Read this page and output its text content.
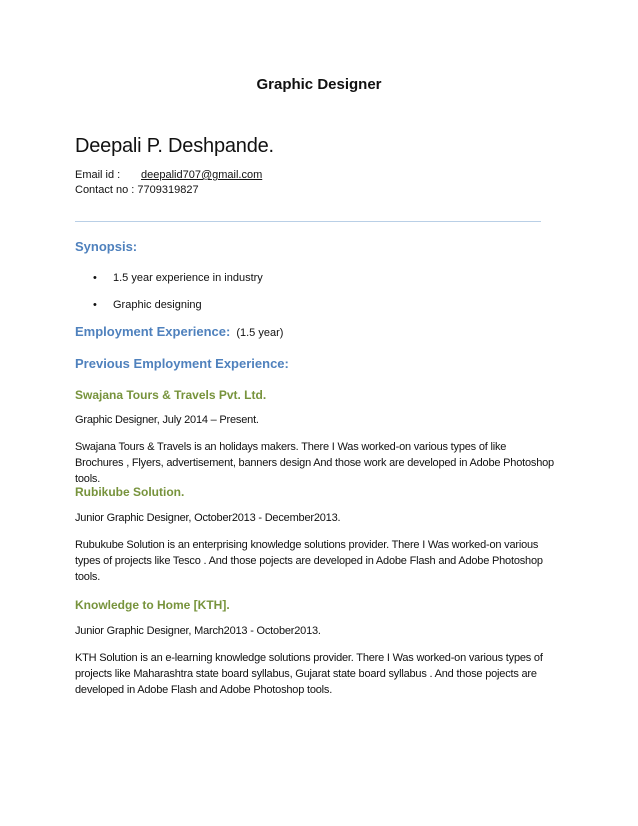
Graphic Designer
Deepali P. Deshpande.
Email id : deepalid707@gmail.com
Contact no : 7709319827
Synopsis:
• 1.5 year experience in industry
• Graphic designing
Employment Experience: (1.5 year)
Previous Employment Experience:
Swajana Tours & Travels Pvt. Ltd.
Graphic Designer, July 2014 – Present.
Swajana Tours & Travels is an holidays makers. There I Was worked-on various types of like Brochures , Flyers, advertisement, banners design And those work are developed in Adobe Photoshop tools.
Rubikube Solution.
Junior Graphic Designer, October2013 - December2013.
Rubukube Solution is an enterprising knowledge solutions provider. There I Was worked-on various types of projects like Tesco . And those pojects are developed in Adobe Flash and Adobe Photoshop tools.
Knowledge to Home [KTH].
Junior Graphic Designer, March2013 - October2013.
KTH Solution is an e-learning knowledge solutions provider. There I Was worked-on various types of projects like Maharashtra state board syllabus, Gujarat state board syllabus . And those pojects are developed in Adobe Flash and Adobe Photoshop tools.
